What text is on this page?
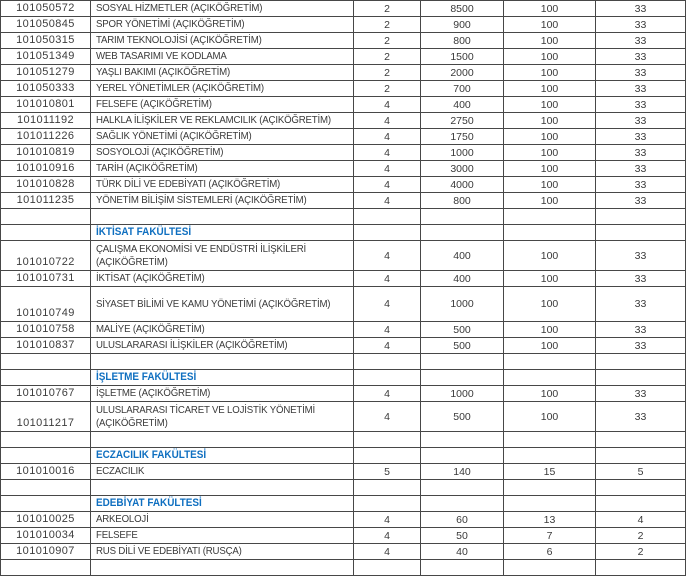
101050572	SOSYAL HİZMETLER (AÇIKÖĞRETİM)	2	8500	100	33
101050845	SPOR YÖNETİMİ (AÇIKÖĞRETİM)	2	900	100	33
101050315	TARIM TEKNOLOJİSİ (AÇIKÖĞRETİM)	2	800	100	33
101051349	WEB TASARIMI VE KODLAMA	2	1500	100	33
101051279	YAŞLI BAKIMI (AÇIKÖĞRETİM)	2	2000	100	33
101050333	YEREL YÖNETİMLER (AÇIKÖĞRETİM)	2	700	100	33
101010801	FELSEFE (AÇIKÖĞRETİM)	4	400	100	33
101011192	HALKLA İLİŞKİLER VE REKLAMCILIK (AÇIKÖĞRETİM)	4	2750	100	33
101011226	SAĞLIK YÖNETİMİ (AÇIKÖĞRETİM)	4	1750	100	33
101010819	SOSYOLOJİ (AÇIKÖĞRETİM)	4	1000	100	33
101010916	TARİH (AÇIKÖĞRETİM)	4	3000	100	33
101010828	TÜRK DİLİ VE EDEBİYATI (AÇIKÖĞRETİM)	4	4000	100	33
101011235	YÖNETİM BİLİŞİM SİSTEMLERİ (AÇIKÖĞRETİM)	4	800	100	33

	İKTİSAT FAKÜLTESİ				

101010722	ÇALIŞMA EKONOMİSİ VE ENDÜSTRİ İLİŞKİLERİ
(AÇIKÖĞRETİM)	4	400	100	33
101010731	İKTİSAT (AÇIKÖĞRETİM)	4	400	100	33
101010749	SİYASET BİLİMİ VE KAMU YÖNETİMİ (AÇIKÖĞRETİM)	4	1000	100	33
101010758	MALİYE (AÇIKÖĞRETİM)	4	500	100	33
101010837	ULUSLARARASI İLİŞKİLER (AÇIKÖĞRETİM)	4	500	100	33

	İŞLETME FAKÜLTESİ				

101010767	İŞLETME (AÇIKÖĞRETİM)	4	1000	100	33
101011217	ULUSLARARASI TİCARET VE LOJİSTİK YÖNETİMİ
(AÇIKÖĞRETİM)	4	500	100	33

	ECZACILIK FAKÜLTESİ				

101010016	ECZACILIK	5	140	15	5

	EDEBİYAT FAKÜLTESİ				

101010025	ARKEOLOJİ	4	60	13	4
101010034	FELSEFE	4	50	7	2
101010907	RUS DİLİ VE EDEBİYATI (RUSÇA)	4	40	6	2
